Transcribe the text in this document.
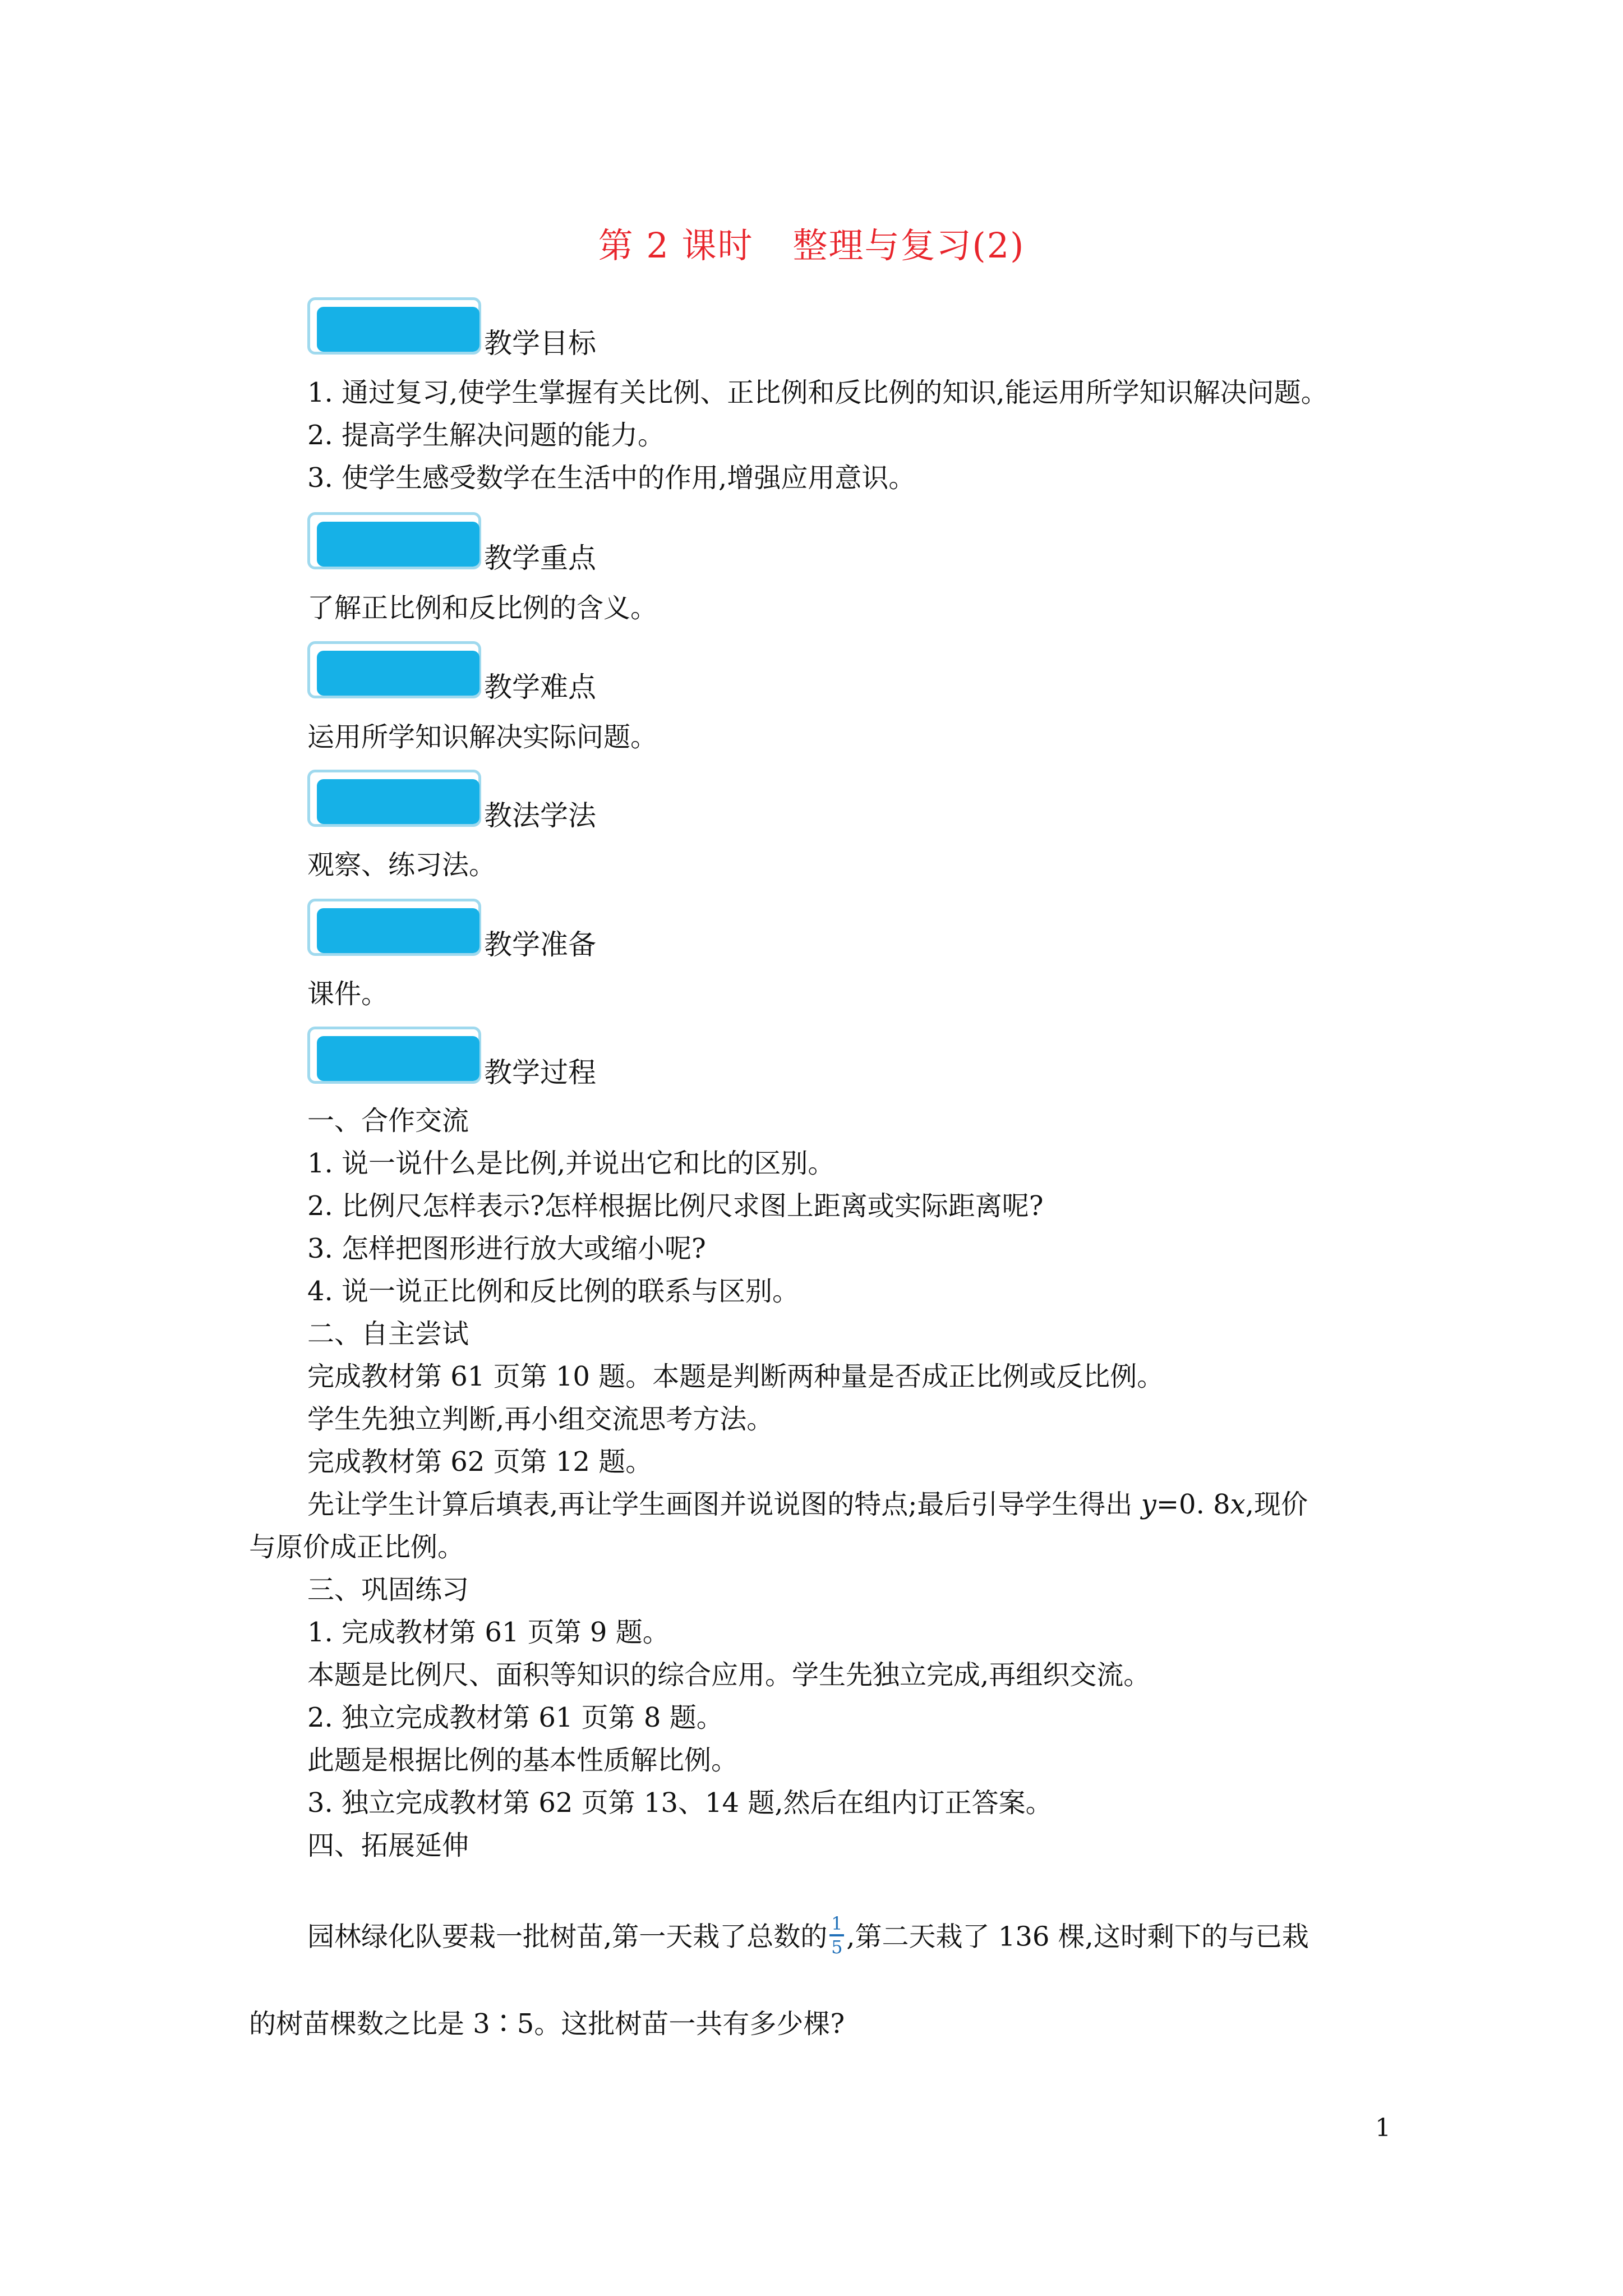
第 2 课时 整理与复习(2)
教学目标
1. 通过复习,使学生掌握有关比例、正比例和反比例的知识,能运用所学知识解决问题。
2. 提高学生解决问题的能力。
3. 使学生感受数学在生活中的作用,增强应用意识。
教学重点
了解正比例和反比例的含义。
教学难点
运用所学知识解决实际问题。
教法学法
观察、练习法。
教学准备
课件。
教学过程
一、合作交流
1. 说一说什么是比例,并说出它和比的区别。
2. 比例尺怎样表示?怎样根据比例尺求图上距离或实际距离呢?
3. 怎样把图形进行放大或缩小呢?
4. 说一说正比例和反比例的联系与区别。
二、自主尝试
完成教材第 61 页第 10 题。本题是判断两种量是否成正比例或反比例。
学生先独立判断,再小组交流思考方法。
完成教材第 62 页第 12 题。
先让学生计算后填表,再让学生画图并说说图的特点;最后引导学生得出 y=0. 8x,现价
与原价成正比例。
三、巩固练习
1. 完成教材第 61 页第 9 题。
本题是比例尺、面积等知识的综合应用。学生先独立完成,再组织交流。
2. 独立完成教材第 61 页第 8 题。
此题是根据比例的基本性质解比例。
3. 独立完成教材第 62 页第 13、14 题,然后在组内订正答案。
四、拓展延伸
园林绿化队要栽一批树苗,第一天栽了总数的 $\frac{1}{5}$,第二天栽了 136 棵,这时剩下的与已栽
的树苗棵数之比是 3∶5。这批树苗一共有多少棵?
1
